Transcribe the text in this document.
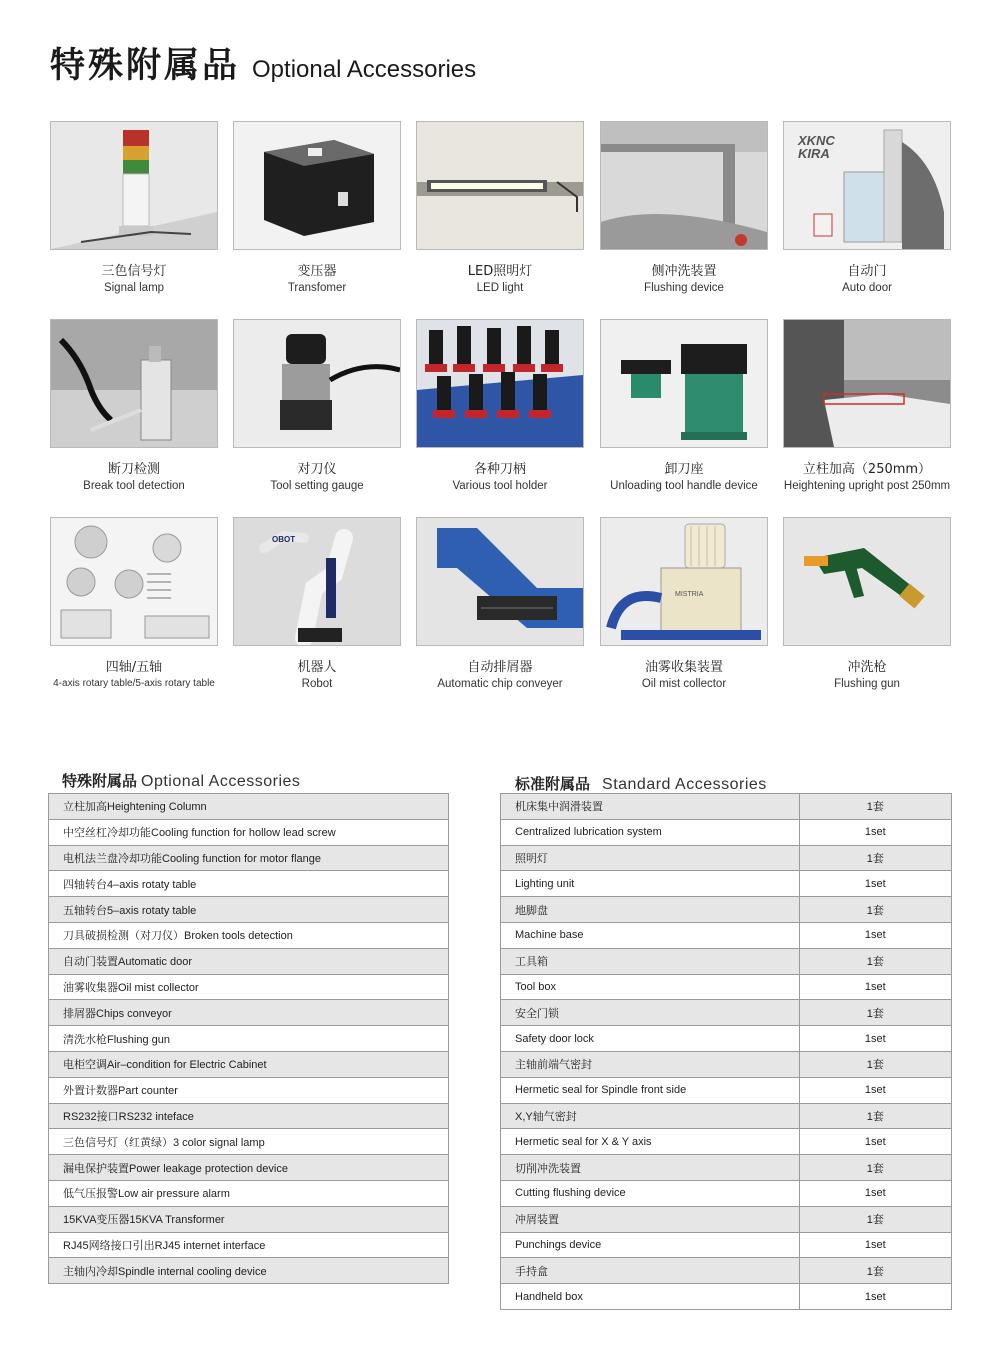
特殊附属品 Optional Accessories
三色信号灯
Signal lamp
变压器
Transfomer
LED照明灯
LED light
侧冲洗装置
Flushing device
XKNC
KIRA
自动门
Auto door
断刀检测
Break tool detection
对刀仪
Tool setting gauge
各种刀柄
Various tool holder
卸刀座
Unloading tool handle device
立柱加高（250mm）
Heightening upright post 250mm
四轴/五轴
4-axis rotary table/5-axis rotary table
OBOT
机器人
Robot
自动排屑器
Automatic chip conveyer
MISTRIA
油雾收集装置
Oil mist collector
冲洗枪
Flushing gun
特殊附属品 Optional Accessories	标准附属品 Standard Accessories
立柱加高Heightening Column
中空丝杠冷却功能Cooling function for hollow lead screw
电机法兰盘冷却功能Cooling function for motor flange
四轴转台4–axis rotaty table
五轴转台5–axis rotaty table
刀具破损检测（对刀仪）Broken tools detection
自动门装置Automatic door
油雾收集器Oil mist collector
排屑器Chips conveyor
清洗水枪Flushing gun
电柜空调Air–condition for Electric Cabinet
外置计数器Part counter
RS232接口RS232 inteface
三色信号灯（红黄绿）3 color signal lamp
漏电保护装置Power leakage protection device
低气压报警Low air pressure alarm
15KVA变压器15KVA Transformer
RJ45网络接口引出RJ45 internet interface
主轴内冷却Spindle internal cooling device
机床集中润滑装置	1套
Centralized lubrication system	1set
照明灯	1套
Lighting unit	1set
地脚盘	1套
Machine base	1set
工具箱	1套
Tool box	1set
安全门锁	1套
Safety door lock	1set
主轴前端气密封	1套
Hermetic seal for Spindle front side	1set
X,Y轴气密封	1套
Hermetic seal for X & Y axis	1set
切削冲洗装置	1套
Cutting flushing device	1set
冲屑装置	1套
Punchings device	1set
手持盒	1套
Handheld box	1set
